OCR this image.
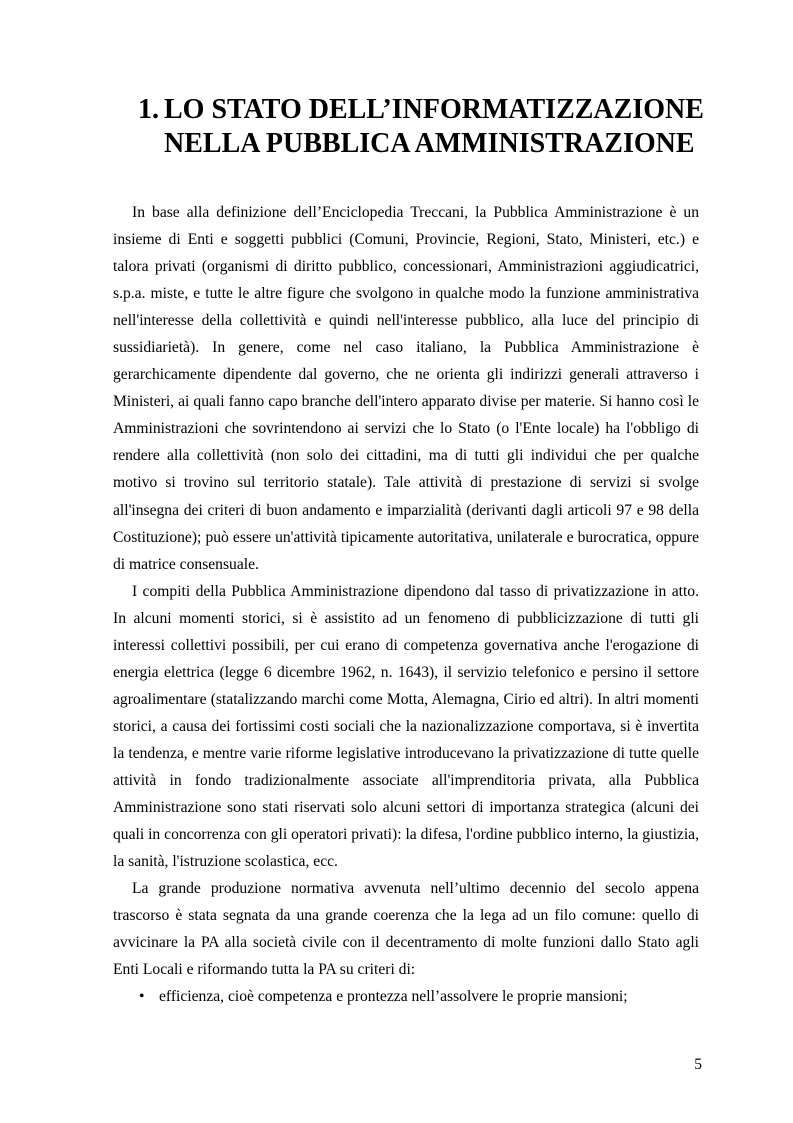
1. LO STATO DELL’INFORMATIZZAZIONE
NELLA PUBBLICA AMMINISTRAZIONE

In base alla definizione dell’Enciclopedia Treccani, la Pubblica Amministrazione è un insieme di Enti e soggetti pubblici (Comuni, Provincie, Regioni, Stato, Ministeri, etc.) e talora privati (organismi di diritto pubblico, concessionari, Amministrazioni aggiudicatrici, s.p.a. miste, e tutte le altre figure che svolgono in qualche modo la funzione amministrativa nell'interesse della collettività e quindi nell'interesse pubblico, alla luce del principio di sussidiarietà). In genere, come nel caso italiano, la Pubblica Amministrazione è gerarchicamente dipendente dal governo, che ne orienta gli indirizzi generali attraverso i Ministeri, ai quali fanno capo branche dell'intero apparato divise per materie. Si hanno così le Amministrazioni che sovrintendono ai servizi che lo Stato (o l'Ente locale) ha l'obbligo di rendere alla collettività (non solo dei cittadini, ma di tutti gli individui che per qualche motivo si trovino sul territorio statale). Tale attività di prestazione di servizi si svolge all'insegna dei criteri di buon andamento e imparzialità (derivanti dagli articoli 97 e 98 della Costituzione); può essere un'attività tipicamente autoritativa, unilaterale e burocratica, oppure di matrice consensuale.

I compiti della Pubblica Amministrazione dipendono dal tasso di privatizzazione in atto. In alcuni momenti storici, si è assistito ad un fenomeno di pubblicizzazione di tutti gli interessi collettivi possibili, per cui erano di competenza governativa anche l'erogazione di energia elettrica (legge 6 dicembre 1962, n. 1643), il servizio telefonico e persino il settore agroalimentare (statalizzando marchi come Motta, Alemagna, Cirio ed altri). In altri momenti storici, a causa dei fortissimi costi sociali che la nazionalizzazione comportava, si è invertita la tendenza, e mentre varie riforme legislative introducevano la privatizzazione di tutte quelle attività in fondo tradizionalmente associate all'imprenditoria privata, alla Pubblica Amministrazione sono stati riservati solo alcuni settori di importanza strategica (alcuni dei quali in concorrenza con gli operatori privati): la difesa, l'ordine pubblico interno, la giustizia, la sanità, l'istruzione scolastica, ecc.

La grande produzione normativa avvenuta nell’ultimo decennio del secolo appena trascorso è stata segnata da una grande coerenza che la lega ad un filo comune: quello di avvicinare la PA alla società civile con il decentramento di molte funzioni dallo Stato agli Enti Locali e riformando tutta la PA su criteri di:

• efficienza, cioè competenza e prontezza nell’assolvere le proprie mansioni;
5
